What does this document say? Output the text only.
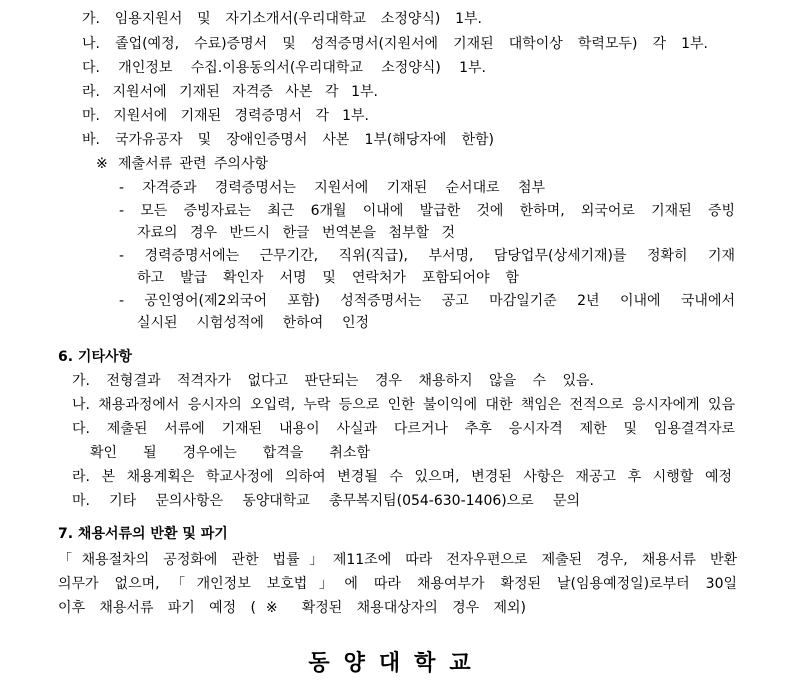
가. 임용지원서 및 자기소개서(우리대학교 소정양식) 1부.
나. 졸업(예정, 수료)증명서 및 성적증명서(지원서에 기재된 대학이상 학력모두) 각 1부.
다. 개인정보 수집.이용동의서(우리대학교 소정양식) 1부.
라. 지원서에 기재된 자격증 사본 각 1부.
마. 지원서에 기재된 경력증명서 각 1부.
바. 국가유공자 및 장애인증명서 사본 1부(해당자에 한함)
※ 제출서류 관련 주의사항
- 자격증과 경력증명서는 지원서에 기재된 순서대로 첨부
- 모든 증빙자료는 최근 6개월 이내에 발급한 것에 한하며, 외국어로 기재된 증빙
자료의 경우 반드시 한글 번역본을 첨부할 것
- 경력증명서에는 근무기간, 직위(직급), 부서명, 담당업무(상세기재)를 정확히 기재
하고 발급 확인자 서명 및 연락처가 포함되어야 함
- 공인영어(제2외국어 포함) 성적증명서는 공고 마감일기준 2년 이내에 국내에서
실시된 시험성적에 한하여 인정
6. 기타사항
가. 전형결과 적격자가 없다고 판단되는 경우 채용하지 않을 수 있음.
나. 채용과정에서 응시자의 오입력, 누락 등으로 인한 불이익에 대한 책임은 전적으로 응시자에게 있음
다. 제출된 서류에 기재된 내용이 사실과 다르거나 추후 응시자격 제한 및 임용결격자로
확인 될 경우에는 합격을 취소함
라. 본 채용계획은 학교사정에 의하여 변경될 수 있으며, 변경된 사항은 재공고 후 시행할 예정
마. 기타 문의사항은 동양대학교 총무복지팀(054-630-1406)으로 문의
7. 채용서류의 반환 및 파기
「채용절차의 공정화에 관한 법률」제11조에 따라 전자우편으로 제출된 경우, 채용서류 반환
의무가 없으며,「개인정보 보호법」에 따라 채용여부가 확정된 날(임용예정일)로부터 30일
이후 채용서류 파기 예정 (※ 확정된 채용대상자의 경우 제외)
동양대학교
